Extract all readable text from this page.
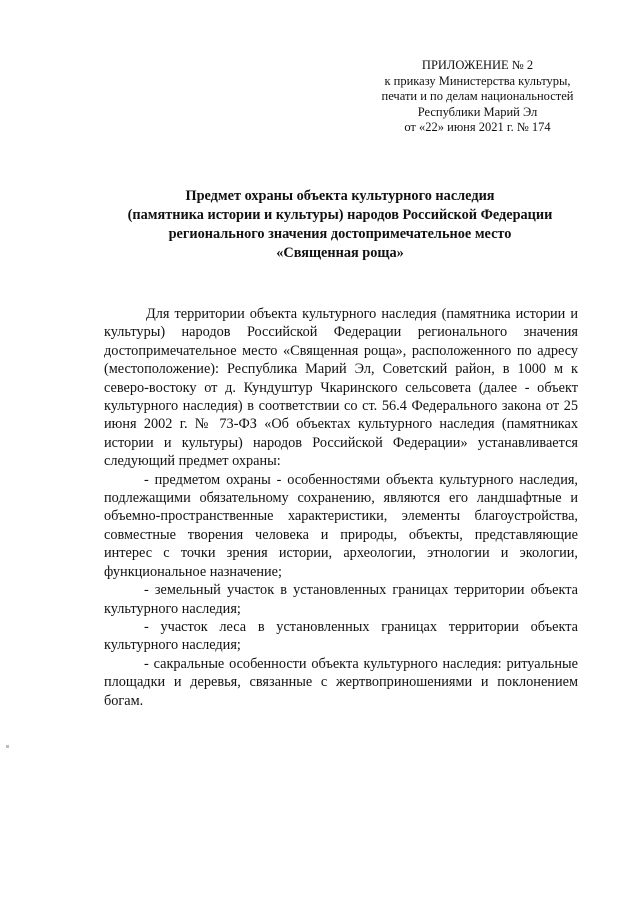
ПРИЛОЖЕНИЕ № 2
к приказу Министерства культуры,
печати и по делам национальностей
Республики Марий Эл
от «22» июня 2021 г. № 174
Предмет охраны объекта культурного наследия
(памятника истории и культуры) народов Российской Федерации
регионального значения достопримечательное место
«Священная роща»

Для территории объекта культурного наследия (памятника истории и культуры) народов Российской Федерации регионального значения достопримечательное место «Священная роща», расположенного по адресу (местоположение): Республика Марий Эл, Советский район, в 1000 м к северо-востоку от д. Кундуштур Чкаринского сельсовета (далее - объект культурного наследия) в соответствии со ст. 56.4 Федерального закона от 25 июня 2002 г. № 73-ФЗ «Об объектах культурного наследия (памятниках истории и культуры) народов Российской Федерации» устанавливается следующий предмет охраны:

- предметом охраны - особенностями объекта культурного наследия, подлежащими обязательному сохранению, являются его ландшафтные и объемно-пространственные характеристики, элементы благоустройства, совместные творения человека и природы, объекты, представляющие интерес с точки зрения истории, археологии, этнологии и экологии, функциональное назначение;

- земельный участок в установленных границах территории объекта культурного наследия;

- участок леса в установленных границах территории объекта культурного наследия;

- сакральные особенности объекта культурного наследия: ритуальные площадки и деревья, связанные с жертвоприношениями и поклонением богам.
